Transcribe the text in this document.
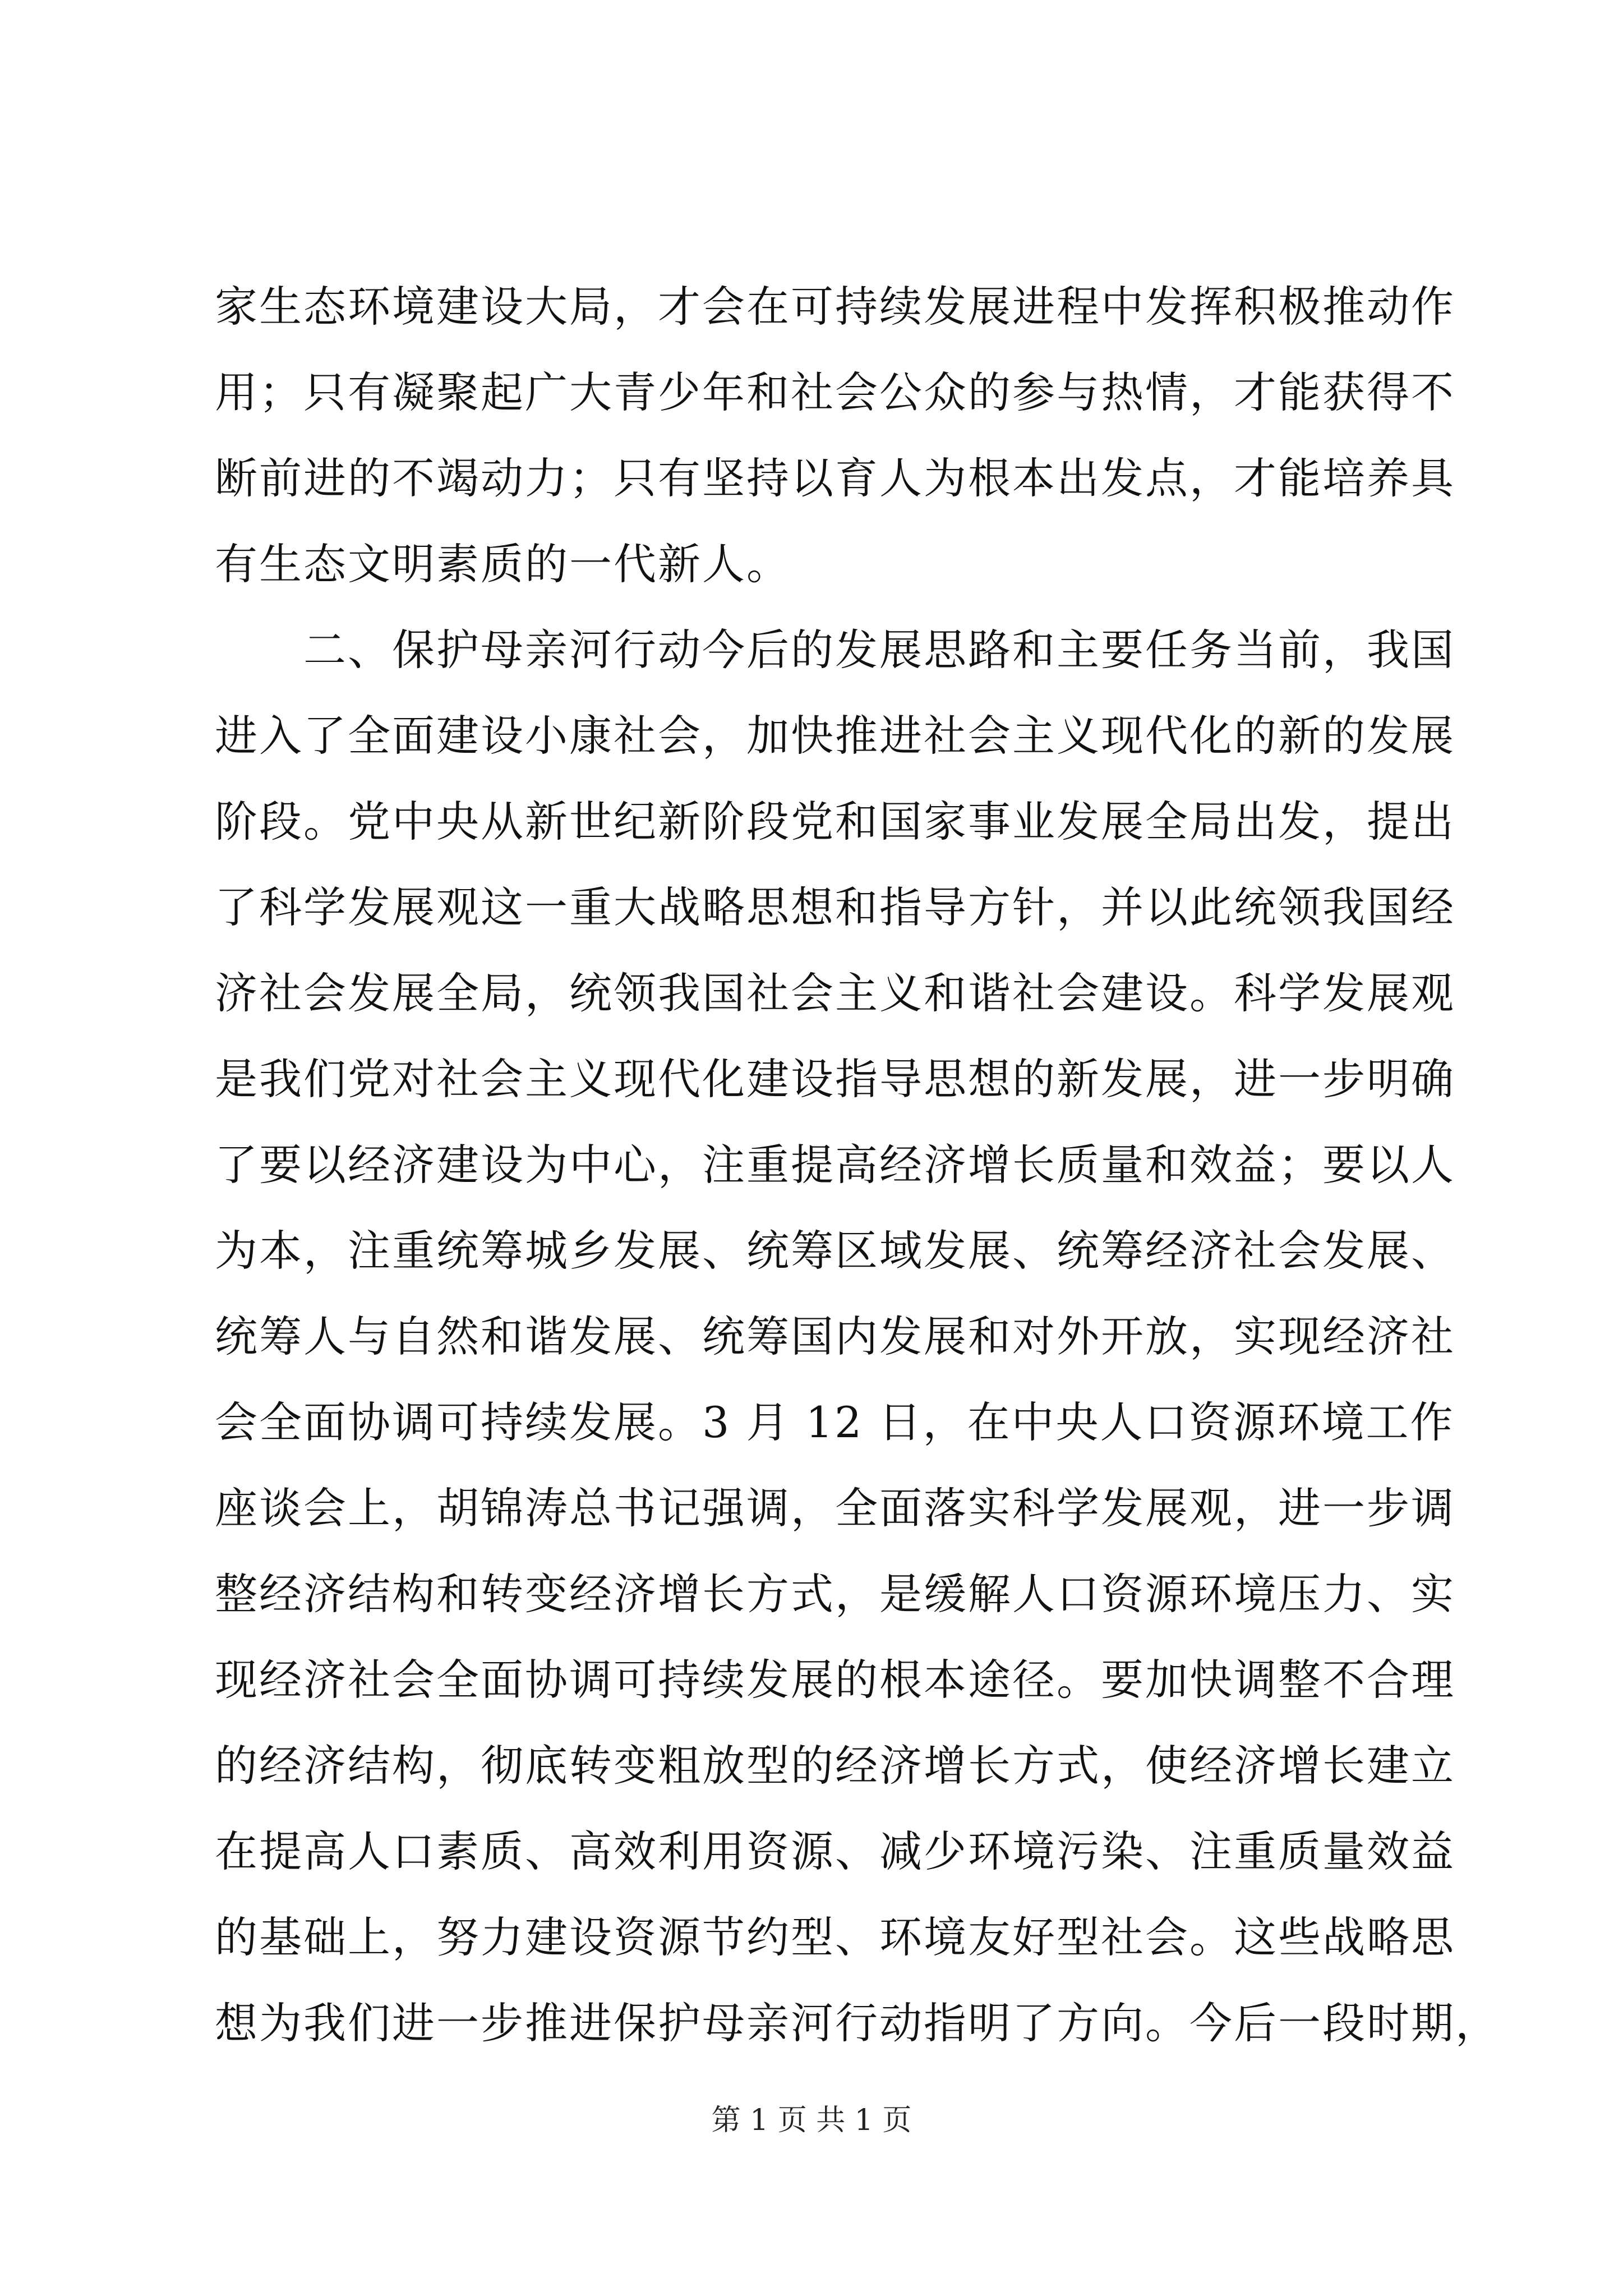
家生态环境建设大局，才会在可持续发展进程中发挥积极推动作
用；只有凝聚起广大青少年和社会公众的参与热情，才能获得不
断前进的不竭动力；只有坚持以育人为根本出发点，才能培养具
有生态文明素质的一代新人。
　　二、保护母亲河行动今后的发展思路和主要任务当前，我国
进入了全面建设小康社会，加快推进社会主义现代化的新的发展
阶段。党中央从新世纪新阶段党和国家事业发展全局出发，提出
了科学发展观这一重大战略思想和指导方针，并以此统领我国经
济社会发展全局，统领我国社会主义和谐社会建设。科学发展观
是我们党对社会主义现代化建设指导思想的新发展，进一步明确
了要以经济建设为中心，注重提高经济增长质量和效益；要以人
为本，注重统筹城乡发展、统筹区域发展、统筹经济社会发展、
统筹人与自然和谐发展、统筹国内发展和对外开放，实现经济社
会全面协调可持续发展。3 月 12 日，在中央人口资源环境工作
座谈会上，胡锦涛总书记强调，全面落实科学发展观，进一步调
整经济结构和转变经济增长方式，是缓解人口资源环境压力、实
现经济社会全面协调可持续发展的根本途径。要加快调整不合理
的经济结构，彻底转变粗放型的经济增长方式，使经济增长建立
在提高人口素质、高效利用资源、减少环境污染、注重质量效益
的基础上，努力建设资源节约型、环境友好型社会。这些战略思
想为我们进一步推进保护母亲河行动指明了方向。今后一段时期，
第 1 页 共 1 页
